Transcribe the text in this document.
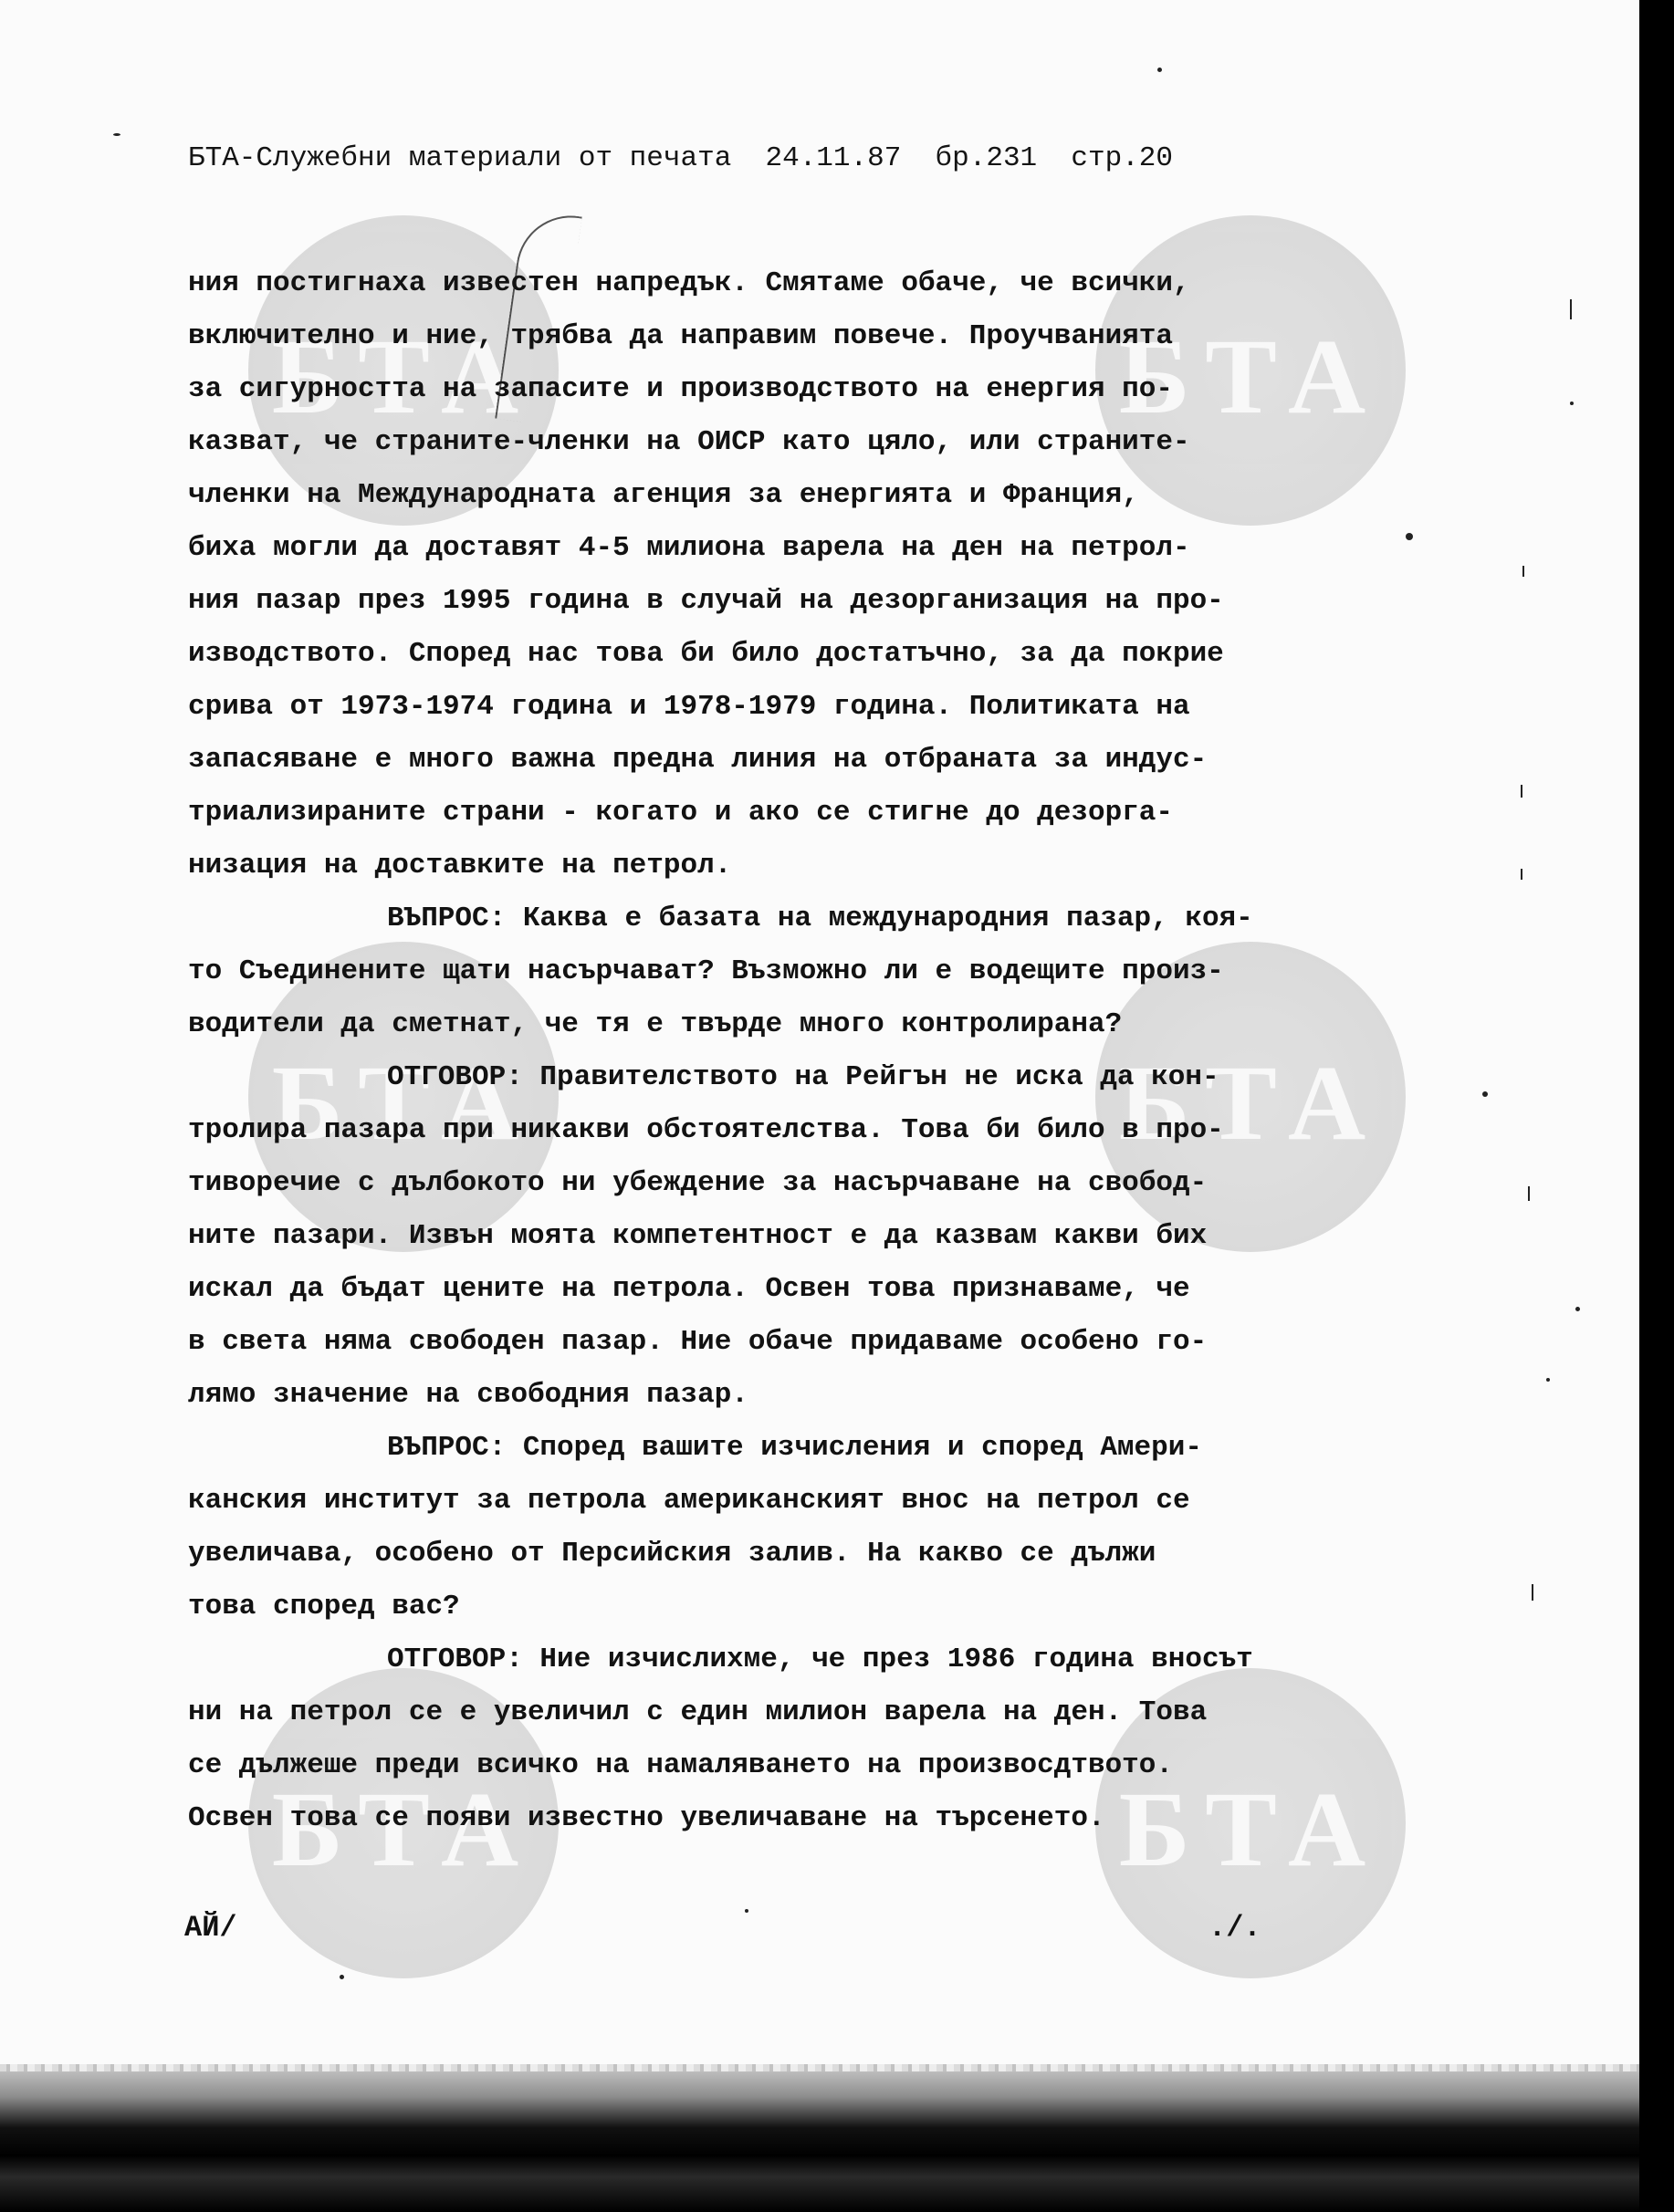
БТА	БТА
БТА	БТА
БТА	БТА
БТА-Служебни материали от печата  24.11.87  бр.231  стр.20
ния постигнаха известен напредък. Смятаме обаче, че всички,
включително и ние, трябва да направим повече. Проучванията
за сигурността на запасите и производството на енергия по-
казват, че страните-членки на ОИСР като цяло, или страните-
членки на Международната агенция за енергията и Франция,
биха могли да доставят 4-5 милиона варела на ден на петрол-
ния пазар през 1995 година в случай на дезорганизация на про-
изводството. Според нас това би било достатъчно, за да покрие
срива от 1973-1974 година и 1978-1979 година. Политиката на
запасяване е много важна предна линия на отбраната за индус-
триализираните страни - когато и ако се стигне до дезорга-
низация на доставките на петрол.
ВЪПРОС: Каква е базата на международния пазар, коя-
то Съединените щати насърчават? Възможно ли е водещите произ-
водители да сметнат, че тя е твърде много контролирана?
ОТГОВОР: Правителството на Рейгън не иска да кон-
тролира пазара при никакви обстоятелства. Това би било в про-
тиворечие с дълбокото ни убеждение за насърчаване на свобод-
ните пазари. Извън моята компетентност е да казвам какви бих
искал да бъдат цените на петрола. Освен това признаваме, че
в света няма свободен пазар. Ние обаче придаваме особено го-
лямо значение на свободния пазар.
ВЪПРОС: Според вашите изчисления и според Амери-
канския институт за петрола американският внос на петрол се
увеличава, особено от Персийския залив. На какво се дължи
това според вас?
ОТГОВОР: Ние изчислихме, че през 1986 година вносът
ни на петрол се е увеличил с един милион варела на ден. Това
се дължеше преди всичко на намаляването на произвосдтвото.
Освен това се появи известно увеличаване на търсенето.
АЙ/	./.
